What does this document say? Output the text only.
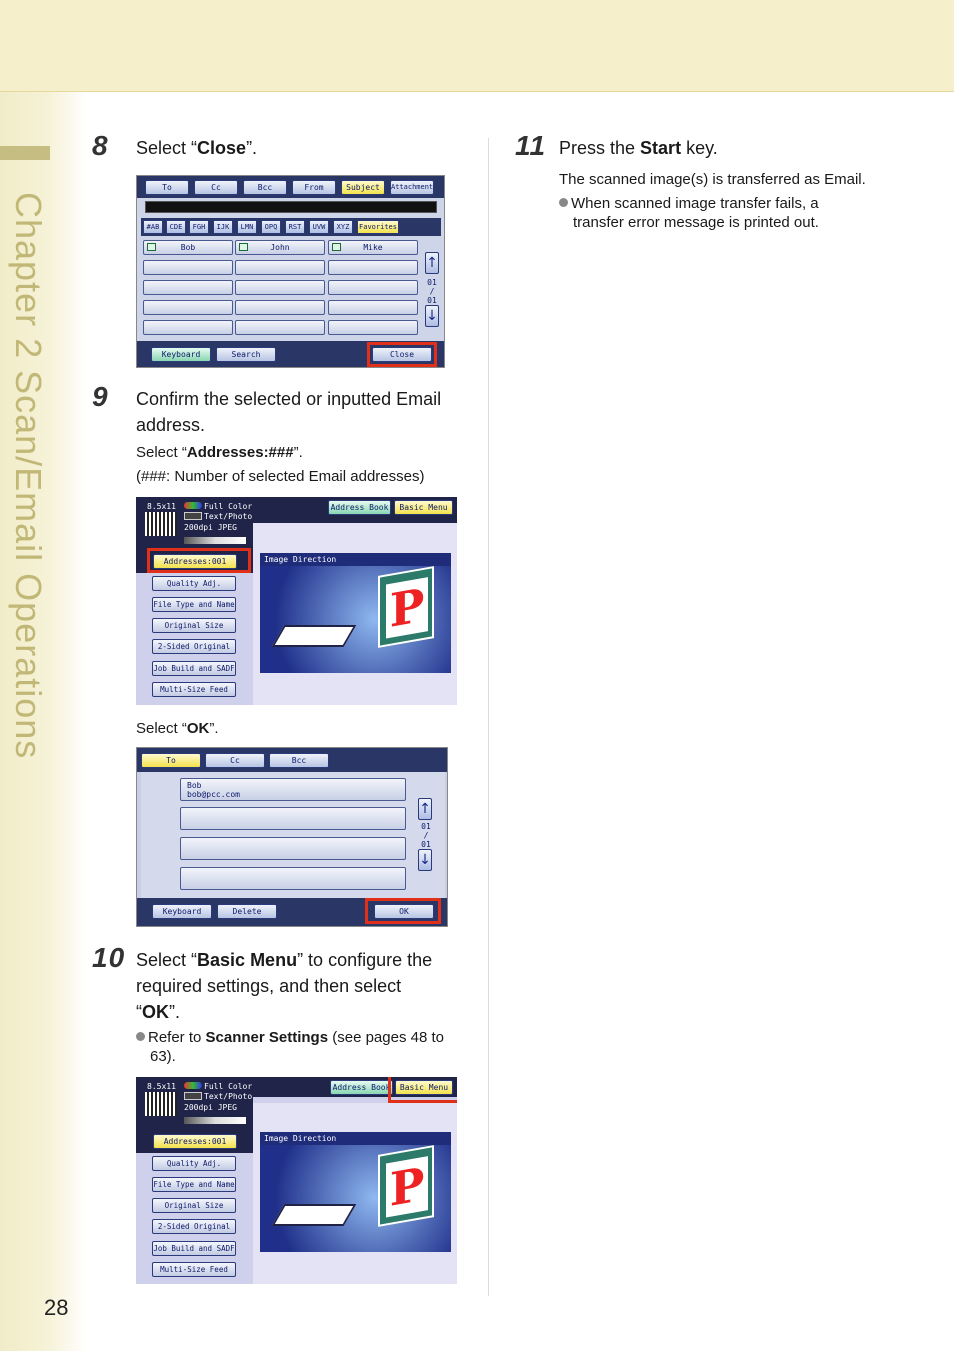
Chapter 2 Scan/Email Operations
28
8 Select “Close”.
To	Cc	Bcc	From	Subject	Attachment
#AB	CDE	FGH	IJK	LMN	OPQ	RST	UVW	XYZ	Favorites
Bob	John	Mike
↑
01
/
01
↓
Keyboard	Search	Close
9 Confirm the selected or inputted Email
address.
Select “Addresses:###”.
(###: Number of selected Email addresses)
8.5x11	Full Color
Text/Photo
200dpi JPEG
Address Book	Basic Menu
Addresses:001
Quality Adj.
File Type and Name
Original Size
2-Sided Original
Job Build and SADF
Multi-Size Feed
Image Direction
P
Select “OK”.
To	Cc	Bcc
Bob
bob@pcc.com
↑
01
/
01
↓
Keyboard	Delete	OK
10 Select “Basic Menu” to configure the
required settings, and then select
“OK”.
Refer to Scanner Settings (see pages 48 to
63).
8.5x11	Full Color
Text/Photo
200dpi JPEG
Address Book	Basic Menu
Addresses:001
Quality Adj.
File Type and Name
Original Size
2-Sided Original
Job Build and SADF
Multi-Size Feed
Image Direction
P
11 Press the Start key.
The scanned image(s) is transferred as Email.
When scanned image transfer fails, a
transfer error message is printed out.
